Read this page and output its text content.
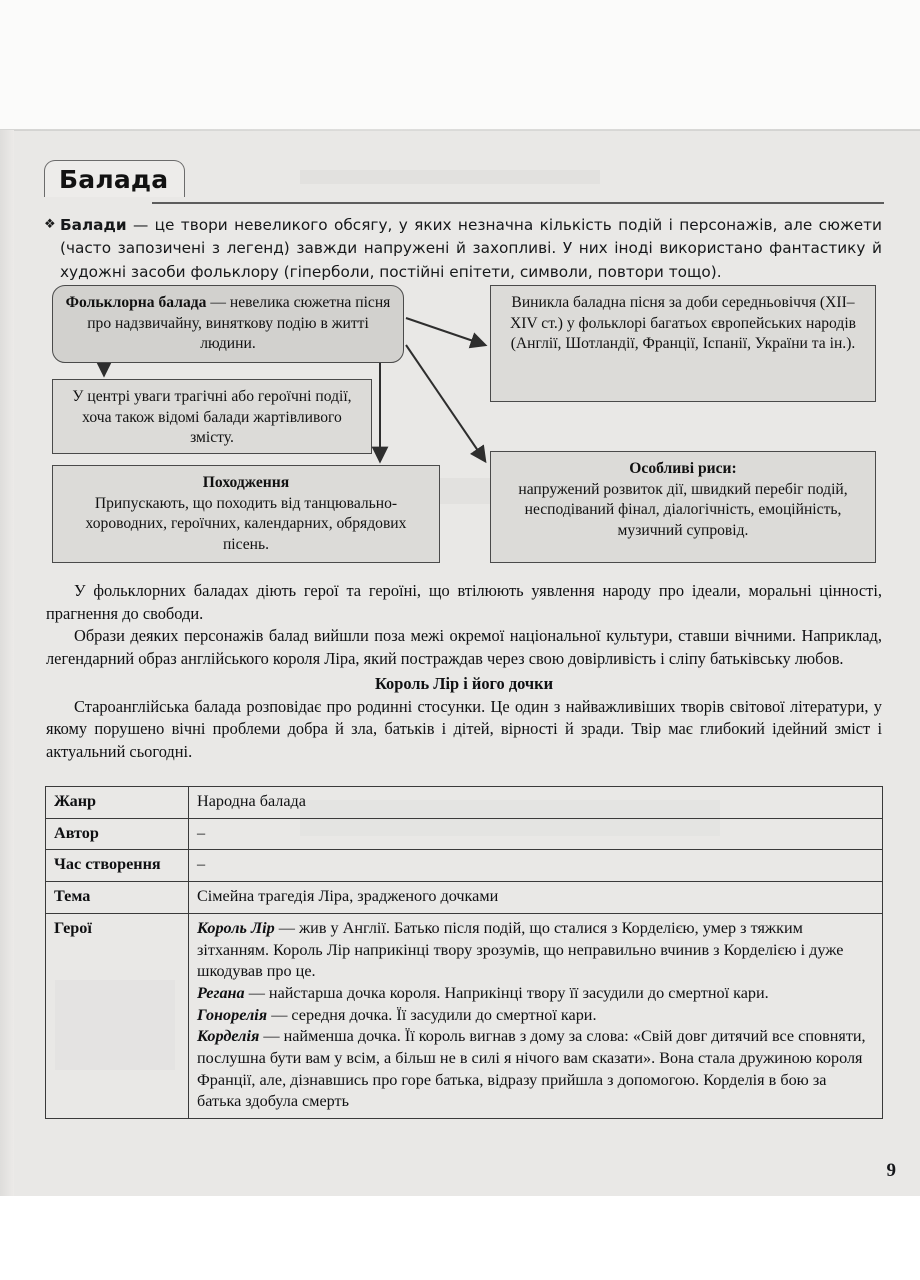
Балада
❖ Балади — це твори невеликого обсягу, у яких незначна кількість подій і персонажів, але сюжети (часто запозичені з легенд) завжди напружені й захопливі. У них іноді використано фантастику й художні засоби фольклору (гіперболи, постійні епітети, символи, повтори тощо).
Фольклорна балада — невелика сюжетна пісня про надзвичайну, виняткову подію в житті людини.
Виникла баладна пісня за доби середньовіччя (XII–XIV ст.) у фольклорі багатьох європейських народів (Англії, Шотландії, Франції, Іспанії, України та ін.).
У центрі уваги трагічні або героїчні події, хоча також відомі балади жартівливого змісту.
Походження
Припускають, що походить від танцювально-хороводних, героїчних, календарних, обрядових пісень.
Особливі риси:
напружений розвиток дії, швидкий перебіг подій, несподіваний фінал, діалогічність, емоційність, музичний супровід.

У фольклорних баладах діють герої та героїні, що втілюють уявлення народу про ідеали, моральні цінності, прагнення до свободи.

Образи деяких персонажів балад вийшли поза межі окремої національної культури, ставши вічними. Наприклад, легендарний образ англійського короля Ліра, який постраждав через свою довірливість і сліпу батьківську любов.

Король Лір і його дочки

Староанглійська балада розповідає про родинні стосунки. Це один з найважливіших творів світової літератури, у якому порушено вічні проблеми добра й зла, батьків і дітей, вірності й зради. Твір має глибокий ідейний зміст і актуальний сьогодні.

Жанр	Народна балада
Автор	–
Час створення	–
Тема	Сімейна трагедія Ліра, зрадженого дочками
Герої	Король Лір — жив у Англії. Батько після подій, що сталися з Корделією, умер з тяжким зітханням. Король Лір наприкінці твору зрозумів, що неправильно вчинив з Корделією і дуже шкодував про це.
Регана — найстарша дочка короля. Наприкінці твору її засудили до смертної кари.
Гонорелія — середня дочка. Її засудили до смертної кари.
Корделія — найменша дочка. Її король вигнав з дому за слова: «Свій довг дитячий все сповняти, послушна бути вам у всім, а більш не в силі я нічого вам сказати». Вона стала дружиною короля Франції, але, дізнавшись про горе батька, відразу прийшла з допомогою. Корделія в бою за батька здобула смерть
9
